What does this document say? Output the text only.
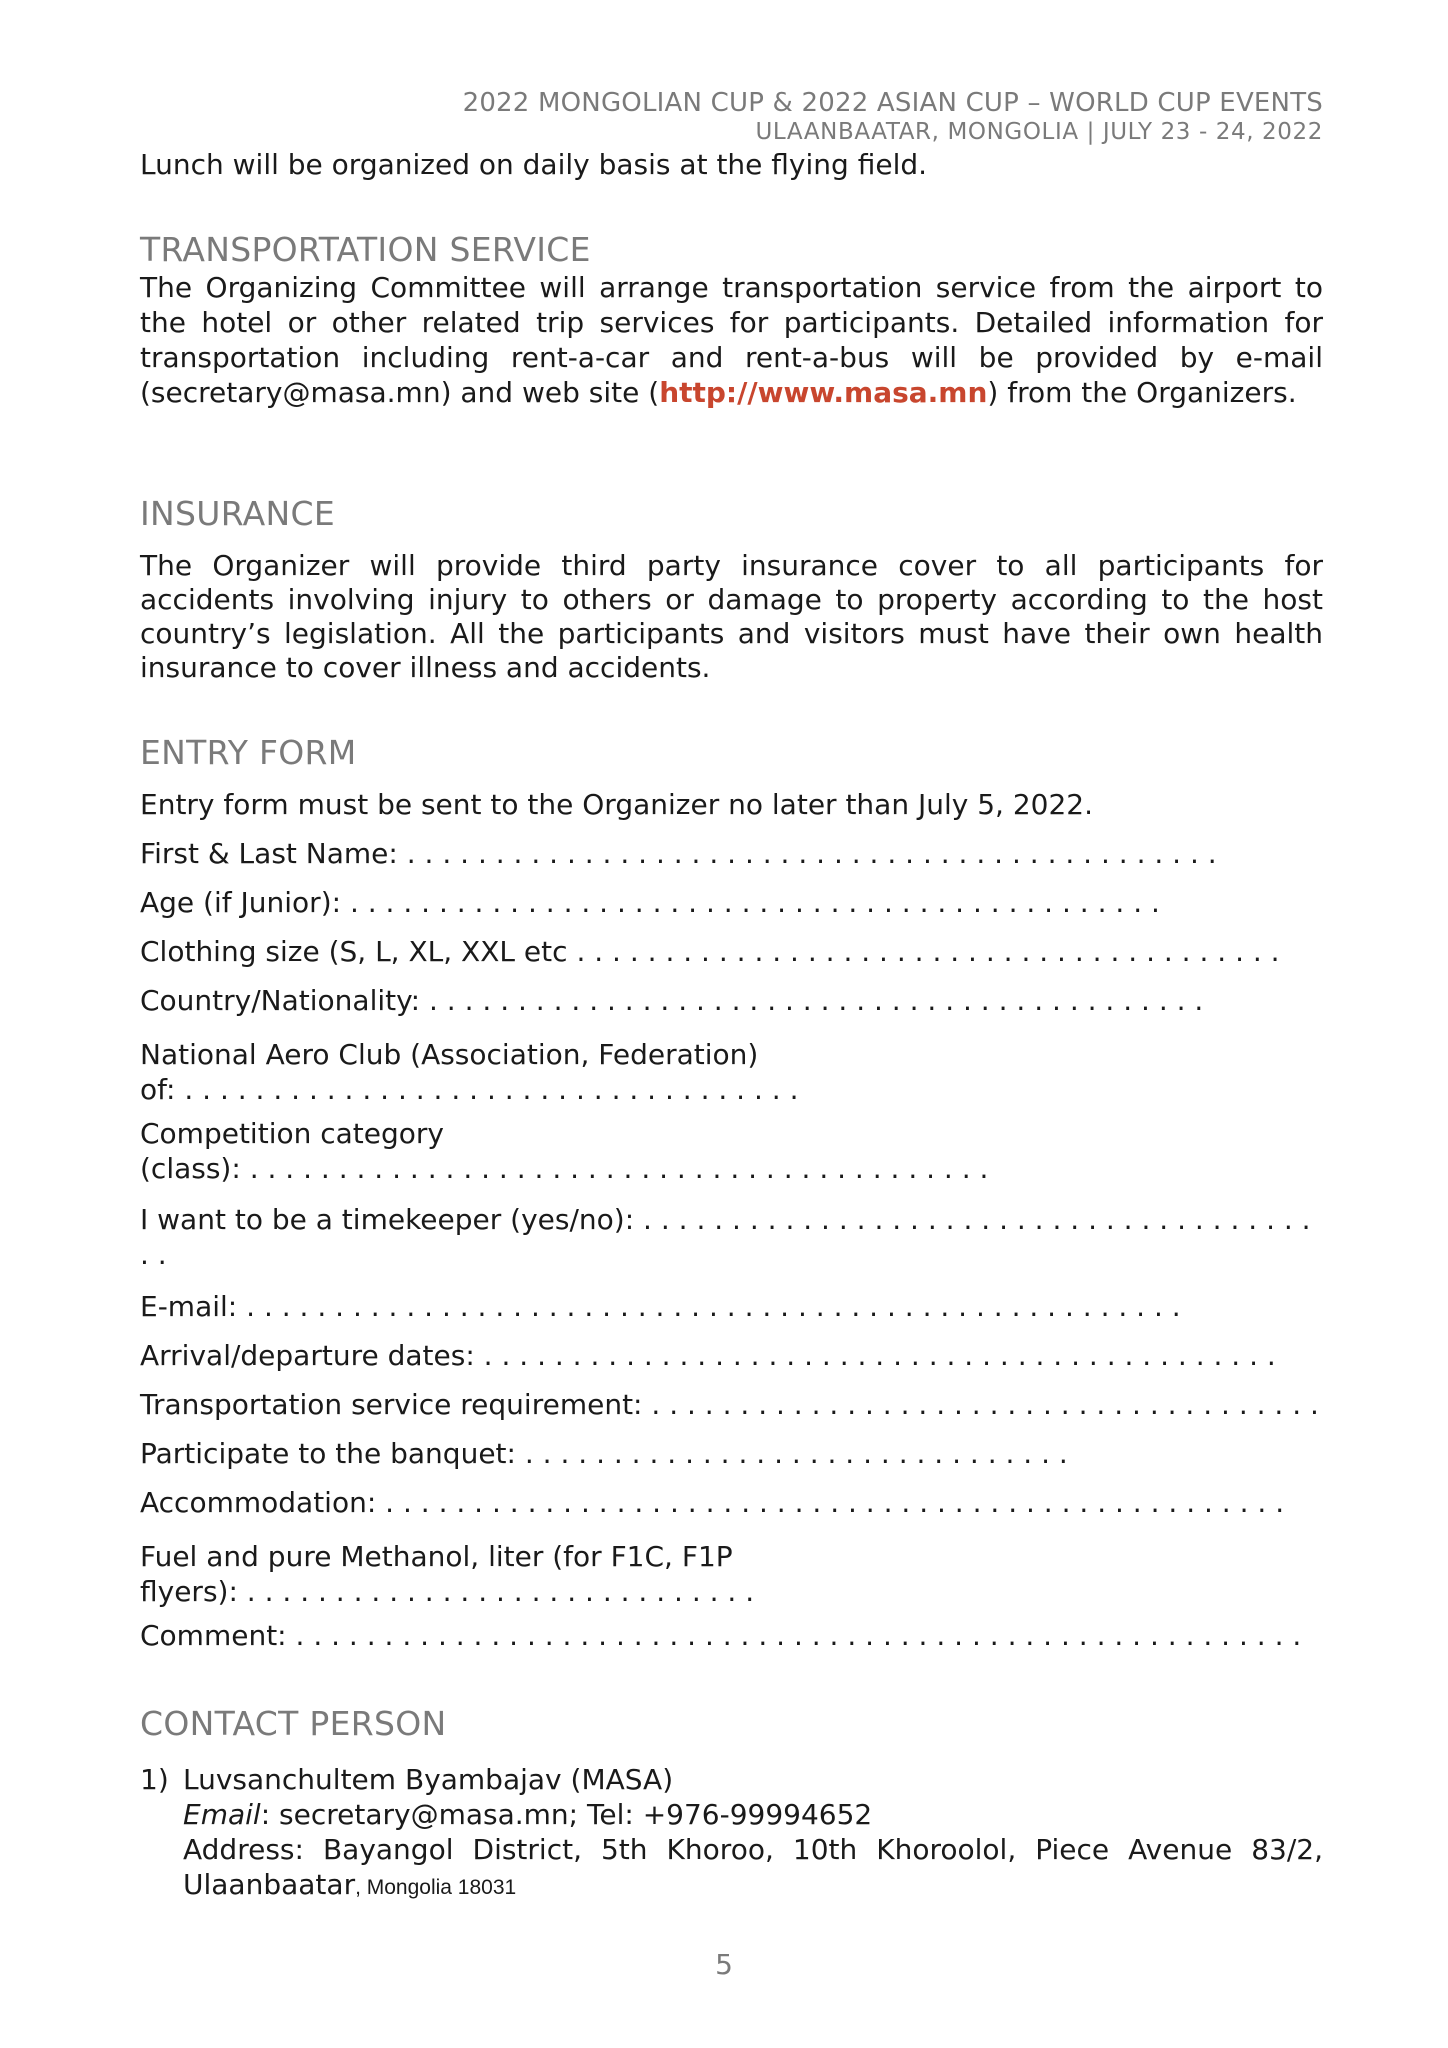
2022 MONGOLIAN CUP & 2022 ASIAN CUP – WORLD CUP EVENTS
ULAANBAATAR, MONGOLIA | JULY 23 - 24, 2022

Lunch will be organized on daily basis at the flying field.

TRANSPORTATION SERVICE

The Organizing Committee will arrange transportation service from the airport to the hotel or other related trip services for participants. Detailed information for transportation including rent-a-car and rent-a-bus will be provided by e-mail (secretary@masa.mn) and web site (http://www.masa.mn) from the Organizers.

INSURANCE

The Organizer will provide third party insurance cover to all participants for accidents involving injury to others or damage to property according to the host country’s legislation. All the participants and visitors must have their own health insurance to cover illness and accidents.

ENTRY FORM

Entry form must be sent to the Organizer no later than July 5, 2022.

First & Last Name: . . . . . . . . . . . . . . . . . . . . . . . . . . . . . . . . . . . . . . . . . . . . . .
Age (if Junior): . . . . . . . . . . . . . . . . . . . . . . . . . . . . . . . . . . . . . . . . . . . . . .
Clothing size (S, L, XL, XXL etc . . . . . . . . . . . . . . . . . . . . . . . . . . . . . . . . . . . . . . . .
Country/Nationality: . . . . . . . . . . . . . . . . . . . . . . . . . . . . . . . . . . . . . . . . . . . .
National Aero Club (Association, Federation)
of: . . . . . . . . . . . . . . . . . . . . . . . . . . . . . . . . . . .
Competition category
(class): . . . . . . . . . . . . . . . . . . . . . . . . . . . . . . . . . . . . . . . . . .
I want to be a timekeeper (yes/no): . . . . . . . . . . . . . . . . . . . . . . . . . . . . . . . . . . . . . .
. .
E-mail: . . . . . . . . . . . . . . . . . . . . . . . . . . . . . . . . . . . . . . . . . . . . . . . . . . . . .
Arrival/departure dates: . . . . . . . . . . . . . . . . . . . . . . . . . . . . . . . . . . . . . . . . . . . . .
Transportation service requirement: . . . . . . . . . . . . . . . . . . . . . . . . . . . . . . . . . . . . . .
Participate to the banquet: . . . . . . . . . . . . . . . . . . . . . . . . . . . . . . .
Accommodation: . . . . . . . . . . . . . . . . . . . . . . . . . . . . . . . . . . . . . . . . . . . . . . . . . . .
Fuel and pure Methanol, liter (for F1C, F1P
flyers): . . . . . . . . . . . . . . . . . . . . . . . . . . . . .
Comment: . . . . . . . . . . . . . . . . . . . . . . . . . . . . . . . . . . . . . . . . . . . . . . . . . . . . . . . . .
CONTACT PERSON
1) Luvsanchultem Byambajav (MASA)
Email: secretary@masa.mn; Tel: +976-99994652
Address: Bayangol District, 5th Khoroo, 10th Khoroolol, Piece Avenue 83/2,
Ulaanbaatar, Mongolia 18031
5
